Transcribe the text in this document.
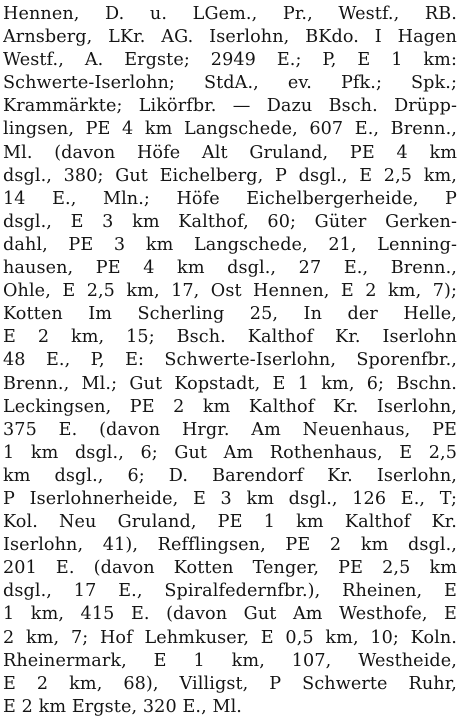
Hennen, D. u. LGem., Pr., Westf., RB.
Arnsberg, LKr. AG. Iserlohn, BKdo. I Hagen
Westf., A. Ergste; 2949 E.; P, E 1 km:
Schwerte-Iserlohn; StdA., ev. Pfk.; Spk.;
Krammärkte; Likörfbr. — Dazu Bsch. Drüpp-
lingsen, PE 4 km Langschede, 607 E., Brenn.,
Ml. (davon Höfe Alt Gruland, PE 4 km
dsgl., 380; Gut Eichelberg, P dsgl., E 2,5 km,
14 E., Mln.; Höfe Eichelbergerheide, P
dsgl., E 3 km Kalthof, 60; Güter Gerken-
dahl, PE 3 km Langschede, 21, Lenning-
hausen, PE 4 km dsgl., 27 E., Brenn.,
Ohle, E 2,5 km, 17, Ost Hennen, E 2 km, 7);
Kotten Im Scherling 25, In der Helle,
E 2 km, 15; Bsch. Kalthof Kr. Iserlohn
48 E., P, E: Schwerte-Iserlohn, Sporenfbr.,
Brenn., Ml.; Gut Kopstadt, E 1 km, 6; Bschn.
Leckingsen, PE 2 km Kalthof Kr. Iserlohn,
375 E. (davon Hrgr. Am Neuenhaus, PE
1 km dsgl., 6; Gut Am Rothenhaus, E 2,5
km dsgl., 6; D. Barendorf Kr. Iserlohn,
P Iserlohnerheide, E 3 km dsgl., 126 E., T;
Kol. Neu Gruland, PE 1 km Kalthof Kr.
Iserlohn, 41), Refflingsen, PE 2 km dsgl.,
201 E. (davon Kotten Tenger, PE 2,5 km
dsgl., 17 E., Spiralfedernfbr.), Rheinen, E
1 km, 415 E. (davon Gut Am Westhofe, E
2 km, 7; Hof Lehmkuser, E 0,5 km, 10; Koln.
Rheinermark, E 1 km, 107, Westheide,
E 2 km, 68), Villigst, P Schwerte Ruhr,
E 2 km Ergste, 320 E., Ml.
